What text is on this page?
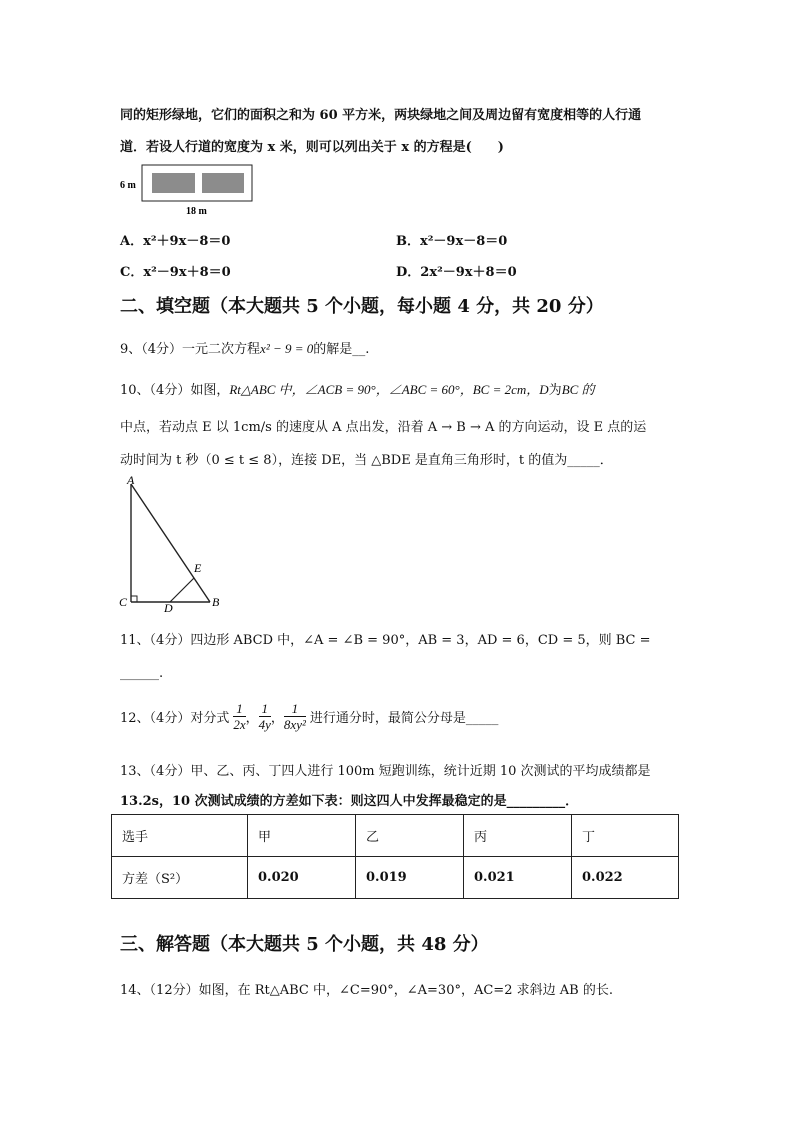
同的矩形绿地，它们的面积之和为 60 平方米，两块绿地之间及周边留有宽度相等的人行通
道．若设人行道的宽度为 x 米，则可以列出关于 x 的方程是(　　)
6 m
18 m
A．x²＋9x－8＝0	B．x²－9x－8＝0
C．x²－9x＋8＝0	D．2x²－9x＋8＝0
二、填空题（本大题共 5 个小题，每小题 4 分，共 20 分）
9、（4分）一元二次方程x² − 9 = 0的解是__.
10、（4分）如图，Rt△ABC 中，∠ACB = 90°，∠ABC = 60°，BC = 2cm，D为BC 的
中点，若动点 E 以 1cm/s 的速度从 A 点出发，沿着 A → B → A 的方向运动，设 E 点的运
动时间为 t 秒（0 ≤ t ≤ 8），连接 DE，当 △BDE 是直角三角形时，t 的值为_____．
A
C	D	B
E
11、（4分）四边形 ABCD 中，∠A = ∠B = 90°，AB = 3，AD = 6，CD = 5，则 BC =
______.
12、（4分）对分式 $\frac{1}{2x}$ ， $\frac{1}{4y}$ ， $\frac{1}{\text{8xy²}}$ 进行通分时，最简公分母是_____
13、（4分）甲、乙、丙、丁四人进行 100m 短跑训练，统计近期 10 次测试的平均成绩都是
13.2s，10 次测试成绩的方差如下表：则这四人中发挥最稳定的是_________．
选手	甲	乙	丙	丁
方差（S²）	0.020	0.019	0.021	0.022
三、解答题（本大题共 5 个小题，共 48 分）
14、（12分）如图，在 Rt△ABC 中，∠C=90°，∠A=30°，AC=2 求斜边 AB 的长.
